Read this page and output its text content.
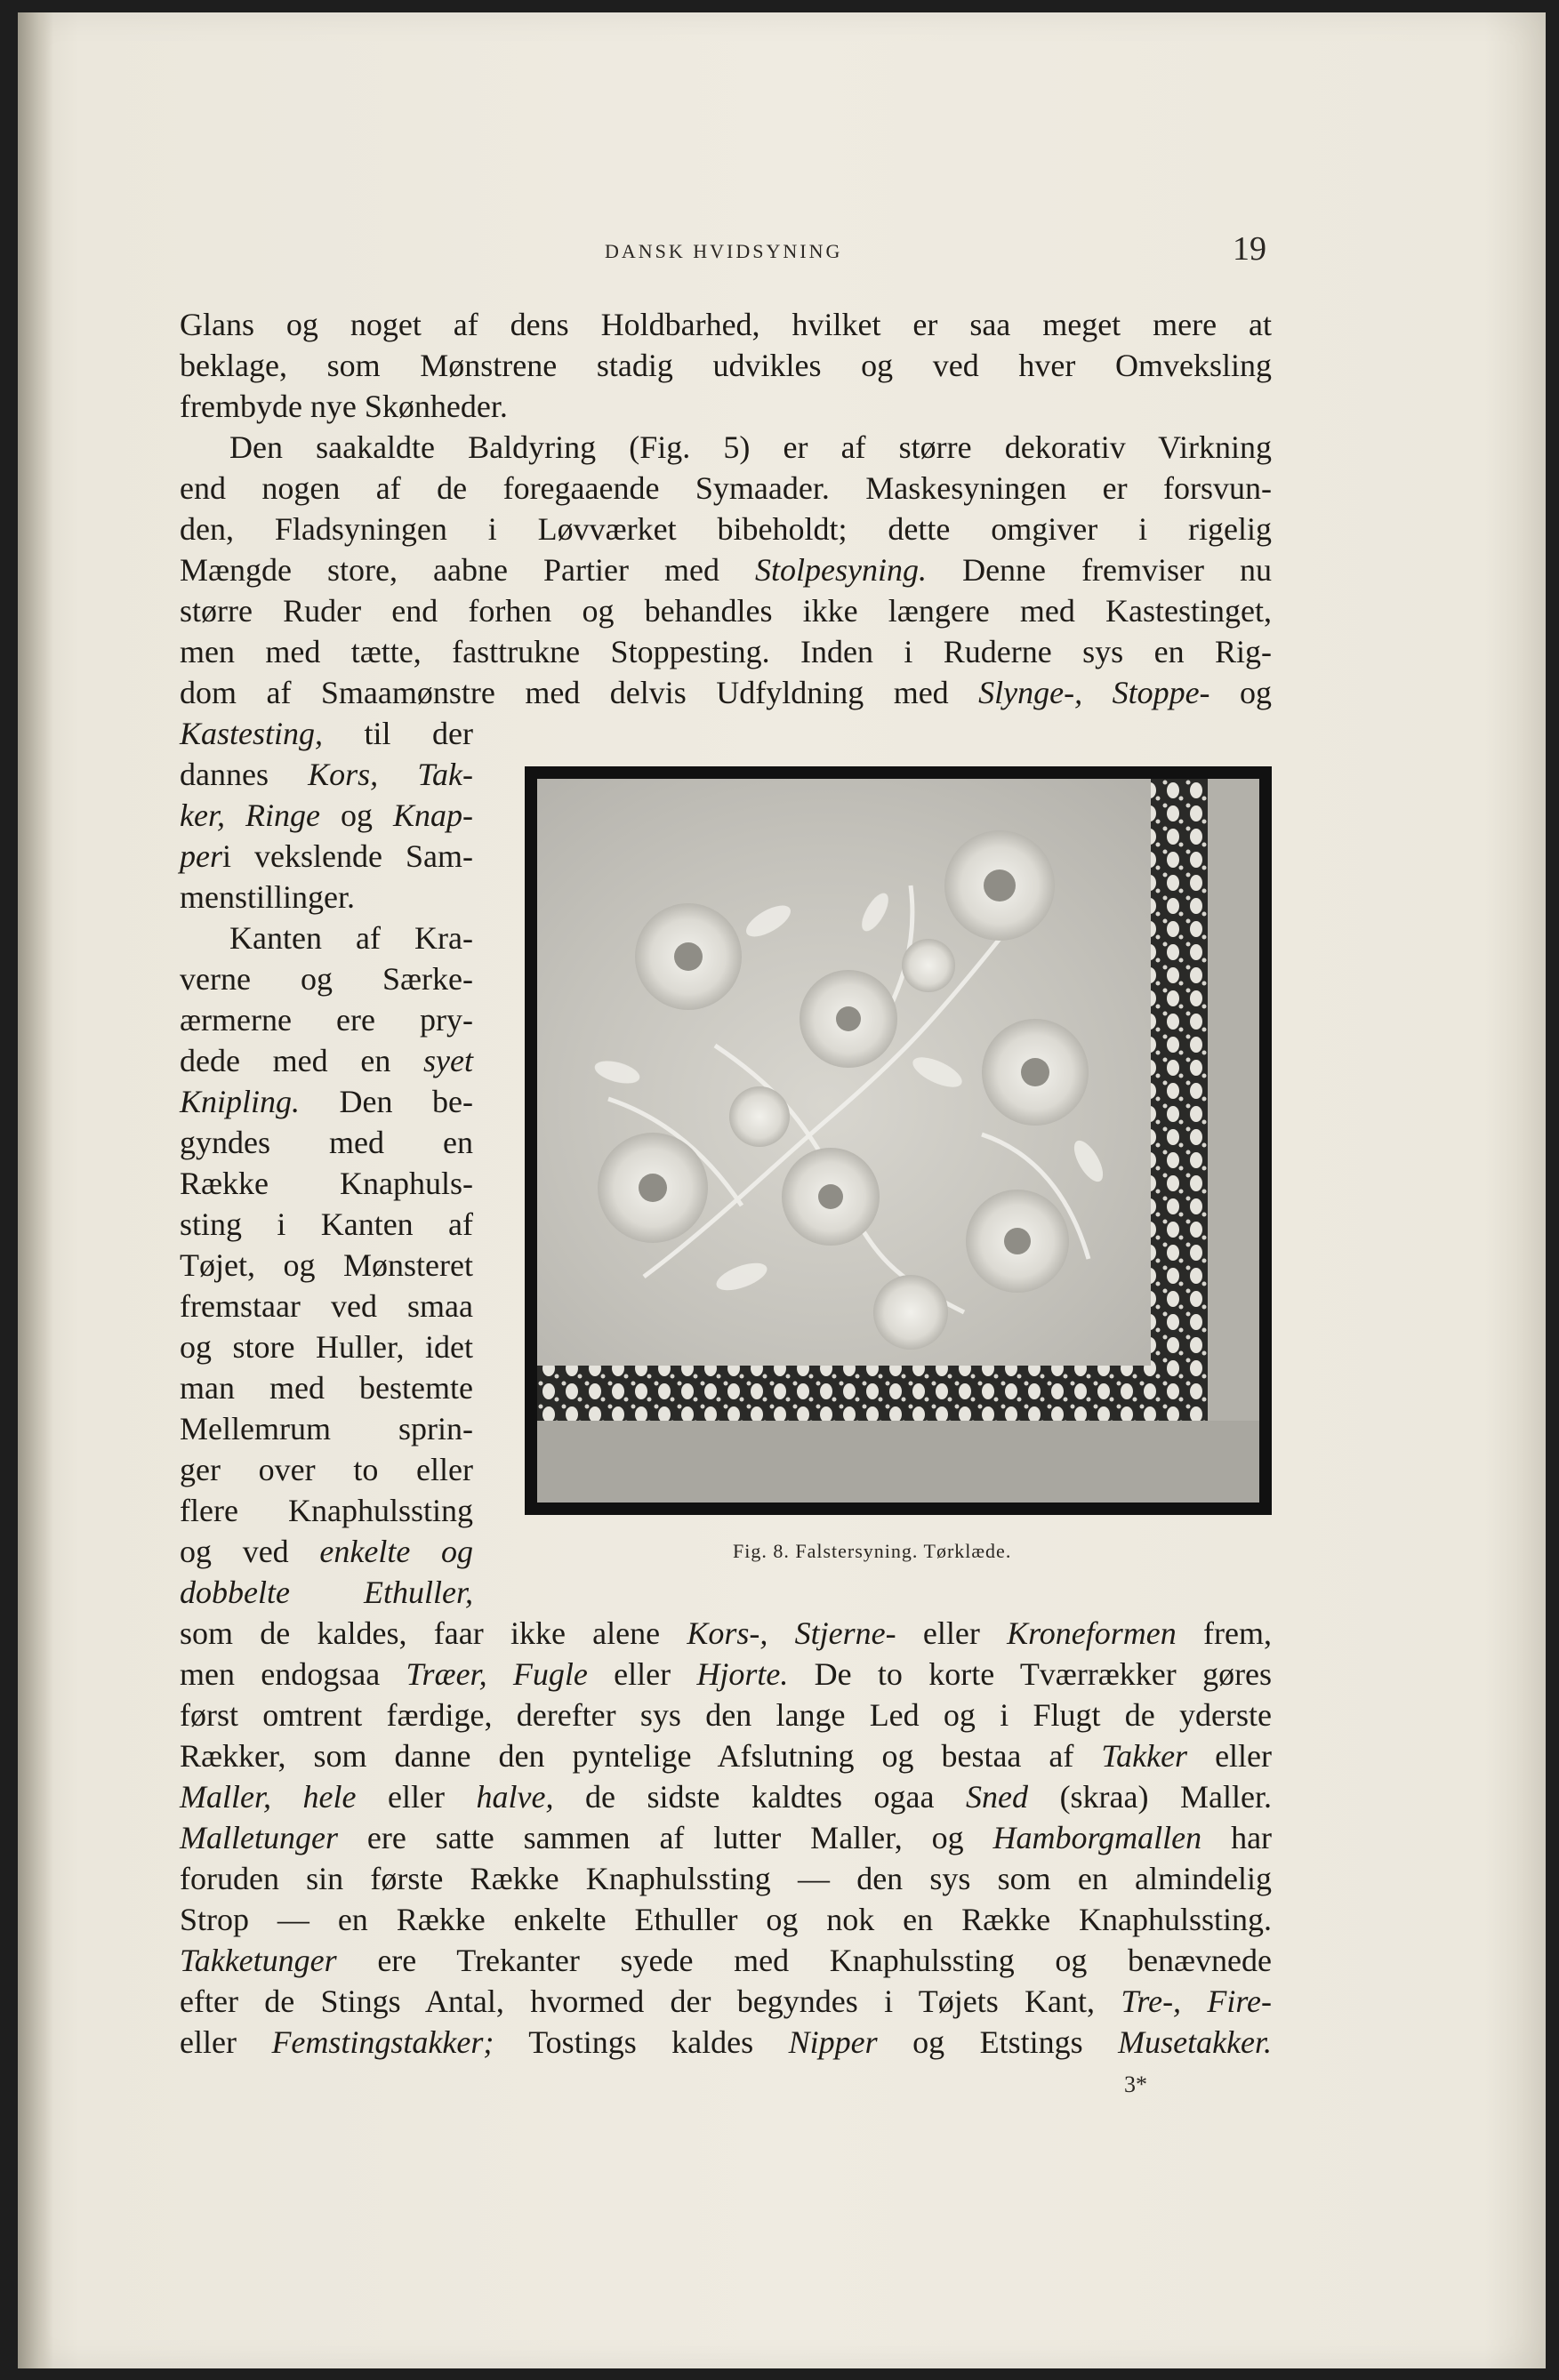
DANSK HVIDSYNING	19
Glans og noget af dens Holdbarhed, hvilket er saa meget mere at
beklage, som Mønstrene stadig udvikles og ved hver Omveksling
frembyde nye Skønheder.
Den saakaldte Baldyring (Fig. 5) er af større dekorativ Virkning
end nogen af de foregaaende Symaader. Maskesyningen er forsvun-
den, Fladsyningen i Løvværket bibeholdt; dette omgiver i rigelig
Mængde store, aabne Partier med Stolpesyning. Denne fremviser nu
større Ruder end forhen og behandles ikke længere med Kastestinget,
men med tætte, fasttrukne Stoppesting. Inden i Ruderne sys en Rig-
dom af Smaamønstre med delvis Udfyldning med Slynge-, Stoppe- og
Kastesting, til der
dannes Kors, Tak-
ker, Ringe og Knap-
peri vekslende Sam-
menstillinger.
Kanten af Kra-
verne og Særke-
ærmerne ere pry-
dede med en syet
Knipling. Den be-
gyndes med en
Række Knaphuls-
sting i Kanten af
Tøjet, og Mønsteret
fremstaar ved smaa
og store Huller, idet
man med bestemte
Mellemrum sprin-
ger over to eller
flere Knaphulssting
og ved enkelte og
dobbelte Ethuller,
Fig. 8. Falstersyning. Tørklæde.
som de kaldes, faar ikke alene Kors-, Stjerne- eller Kroneformen frem,
men endogsaa Træer, Fugle eller Hjorte. De to korte Tværrækker gøres
først omtrent færdige, derefter sys den lange Led og i Flugt de yderste
Rækker, som danne den pyntelige Afslutning og bestaa af Takker eller
Maller, hele eller halve, de sidste kaldtes ogaa Sned (skraa) Maller.
Malletunger ere satte sammen af lutter Maller, og Hamborgmallen har
foruden sin første Række Knaphulssting — den sys som en almindelig
Strop — en Række enkelte Ethuller og nok en Række Knaphulssting.
Takketunger ere Trekanter syede med Knaphulssting og benævnede
efter de Stings Antal, hvormed der begyndes i Tøjets Kant, Tre-, Fire-
eller Femstingstakker; Tostings kaldes Nipper og Etstings Musetakker.
3*
